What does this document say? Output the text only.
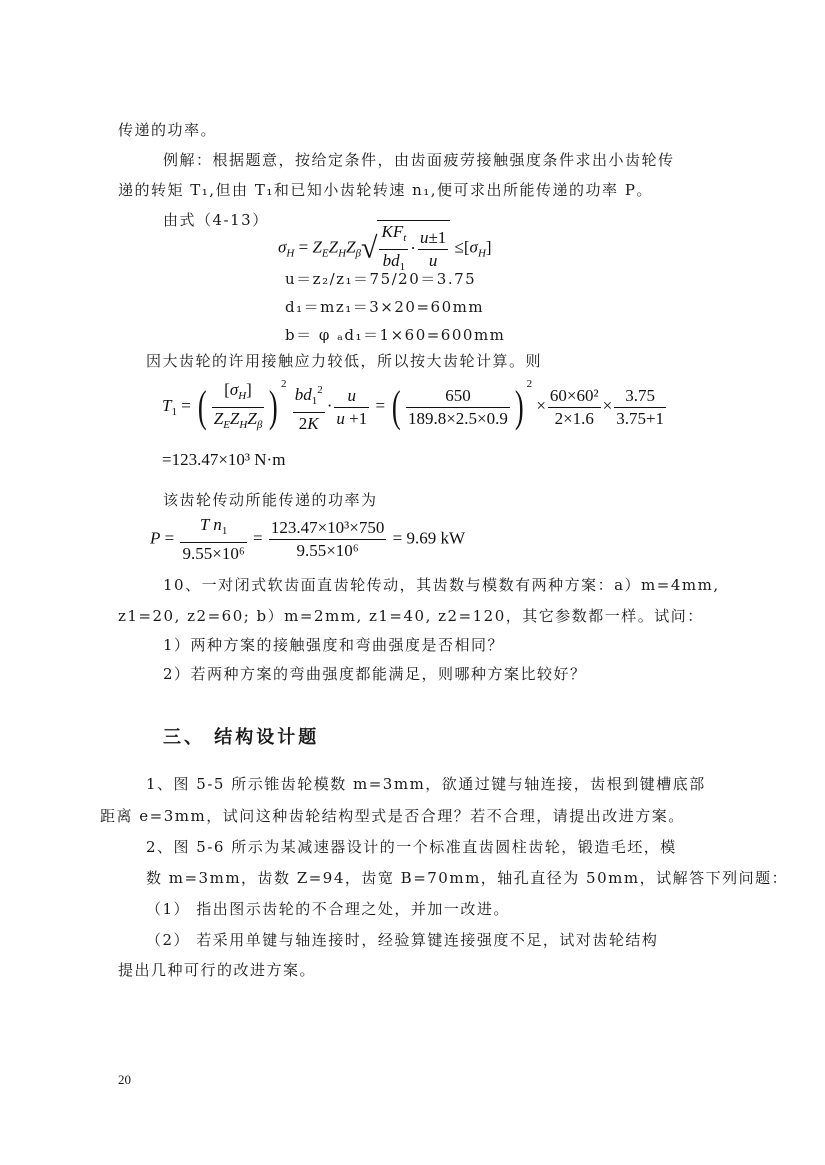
传递的功率。
例解：根据题意，按给定条件，由齿面疲劳接触强度条件求出小齿轮传
递的转矩 T₁,但由 T₁和已知小齿轮转速 n₁,便可求出所能传递的功率 P。
由式（4-13）
$\sigma_H = Z_EZ_HZ_\beta√ \frac{KF_t}{bd_1} \cdot \frac{u\pm 1}{u} \le[\sigma_H]$
u＝z₂/z₁＝75/20＝3.75
d₁＝mz₁＝3×20=60mm
b＝ φ ₐd₁＝1×60=600mm
因大齿轮的许用接触应力较低，所以按大齿轮计算。则
$T_1$ = ( $\frac{[\sigma_H]}{Z_EZ_HZ_\beta}$ ) $^2 \frac{bd_1^2}{2K} \cdot \frac{u}{u +1}$ = ( $\frac{650}{189.8\times 2.5\times 0.9}$ ) $^2 \times \frac{\text{60×60²}}{2\times 1.6} \times \frac{3.75}{3.75+1}$
=123.47×10³ N·m
该齿轮传动所能传递的功率为
$P = \frac{T n_1}{\text{9.55×10⁶}} = \frac{\text{123.47×10³×750}}{\text{9.55×10⁶}} = 9.69$ kW
10、一对闭式软齿面直齿轮传动，其齿数与模数有两种方案：a）m=4mm,
z1=20, z2=60; b）m=2mm, z1=40, z2=120，其它参数都一样。试问：
1）两种方案的接触强度和弯曲强度是否相同？
2）若两种方案的弯曲强度都能满足，则哪种方案比较好？
三、 结构设计题
1、图 5-5 所示锥齿轮模数 m=3mm，欲通过键与轴连接，齿根到键槽底部
距离 e=3mm，试问这种齿轮结构型式是否合理？若不合理，请提出改进方案。
2、图 5-6 所示为某减速器设计的一个标准直齿圆柱齿轮，锻造毛坯，模
数 m=3mm，齿数 Z=94，齿宽 B=70mm，轴孔直径为 50mm，试解答下列问题：
（1） 指出图示齿轮的不合理之处，并加一改进。
（2） 若采用单键与轴连接时，经验算键连接强度不足，试对齿轮结构
提出几种可行的改进方案。
20
